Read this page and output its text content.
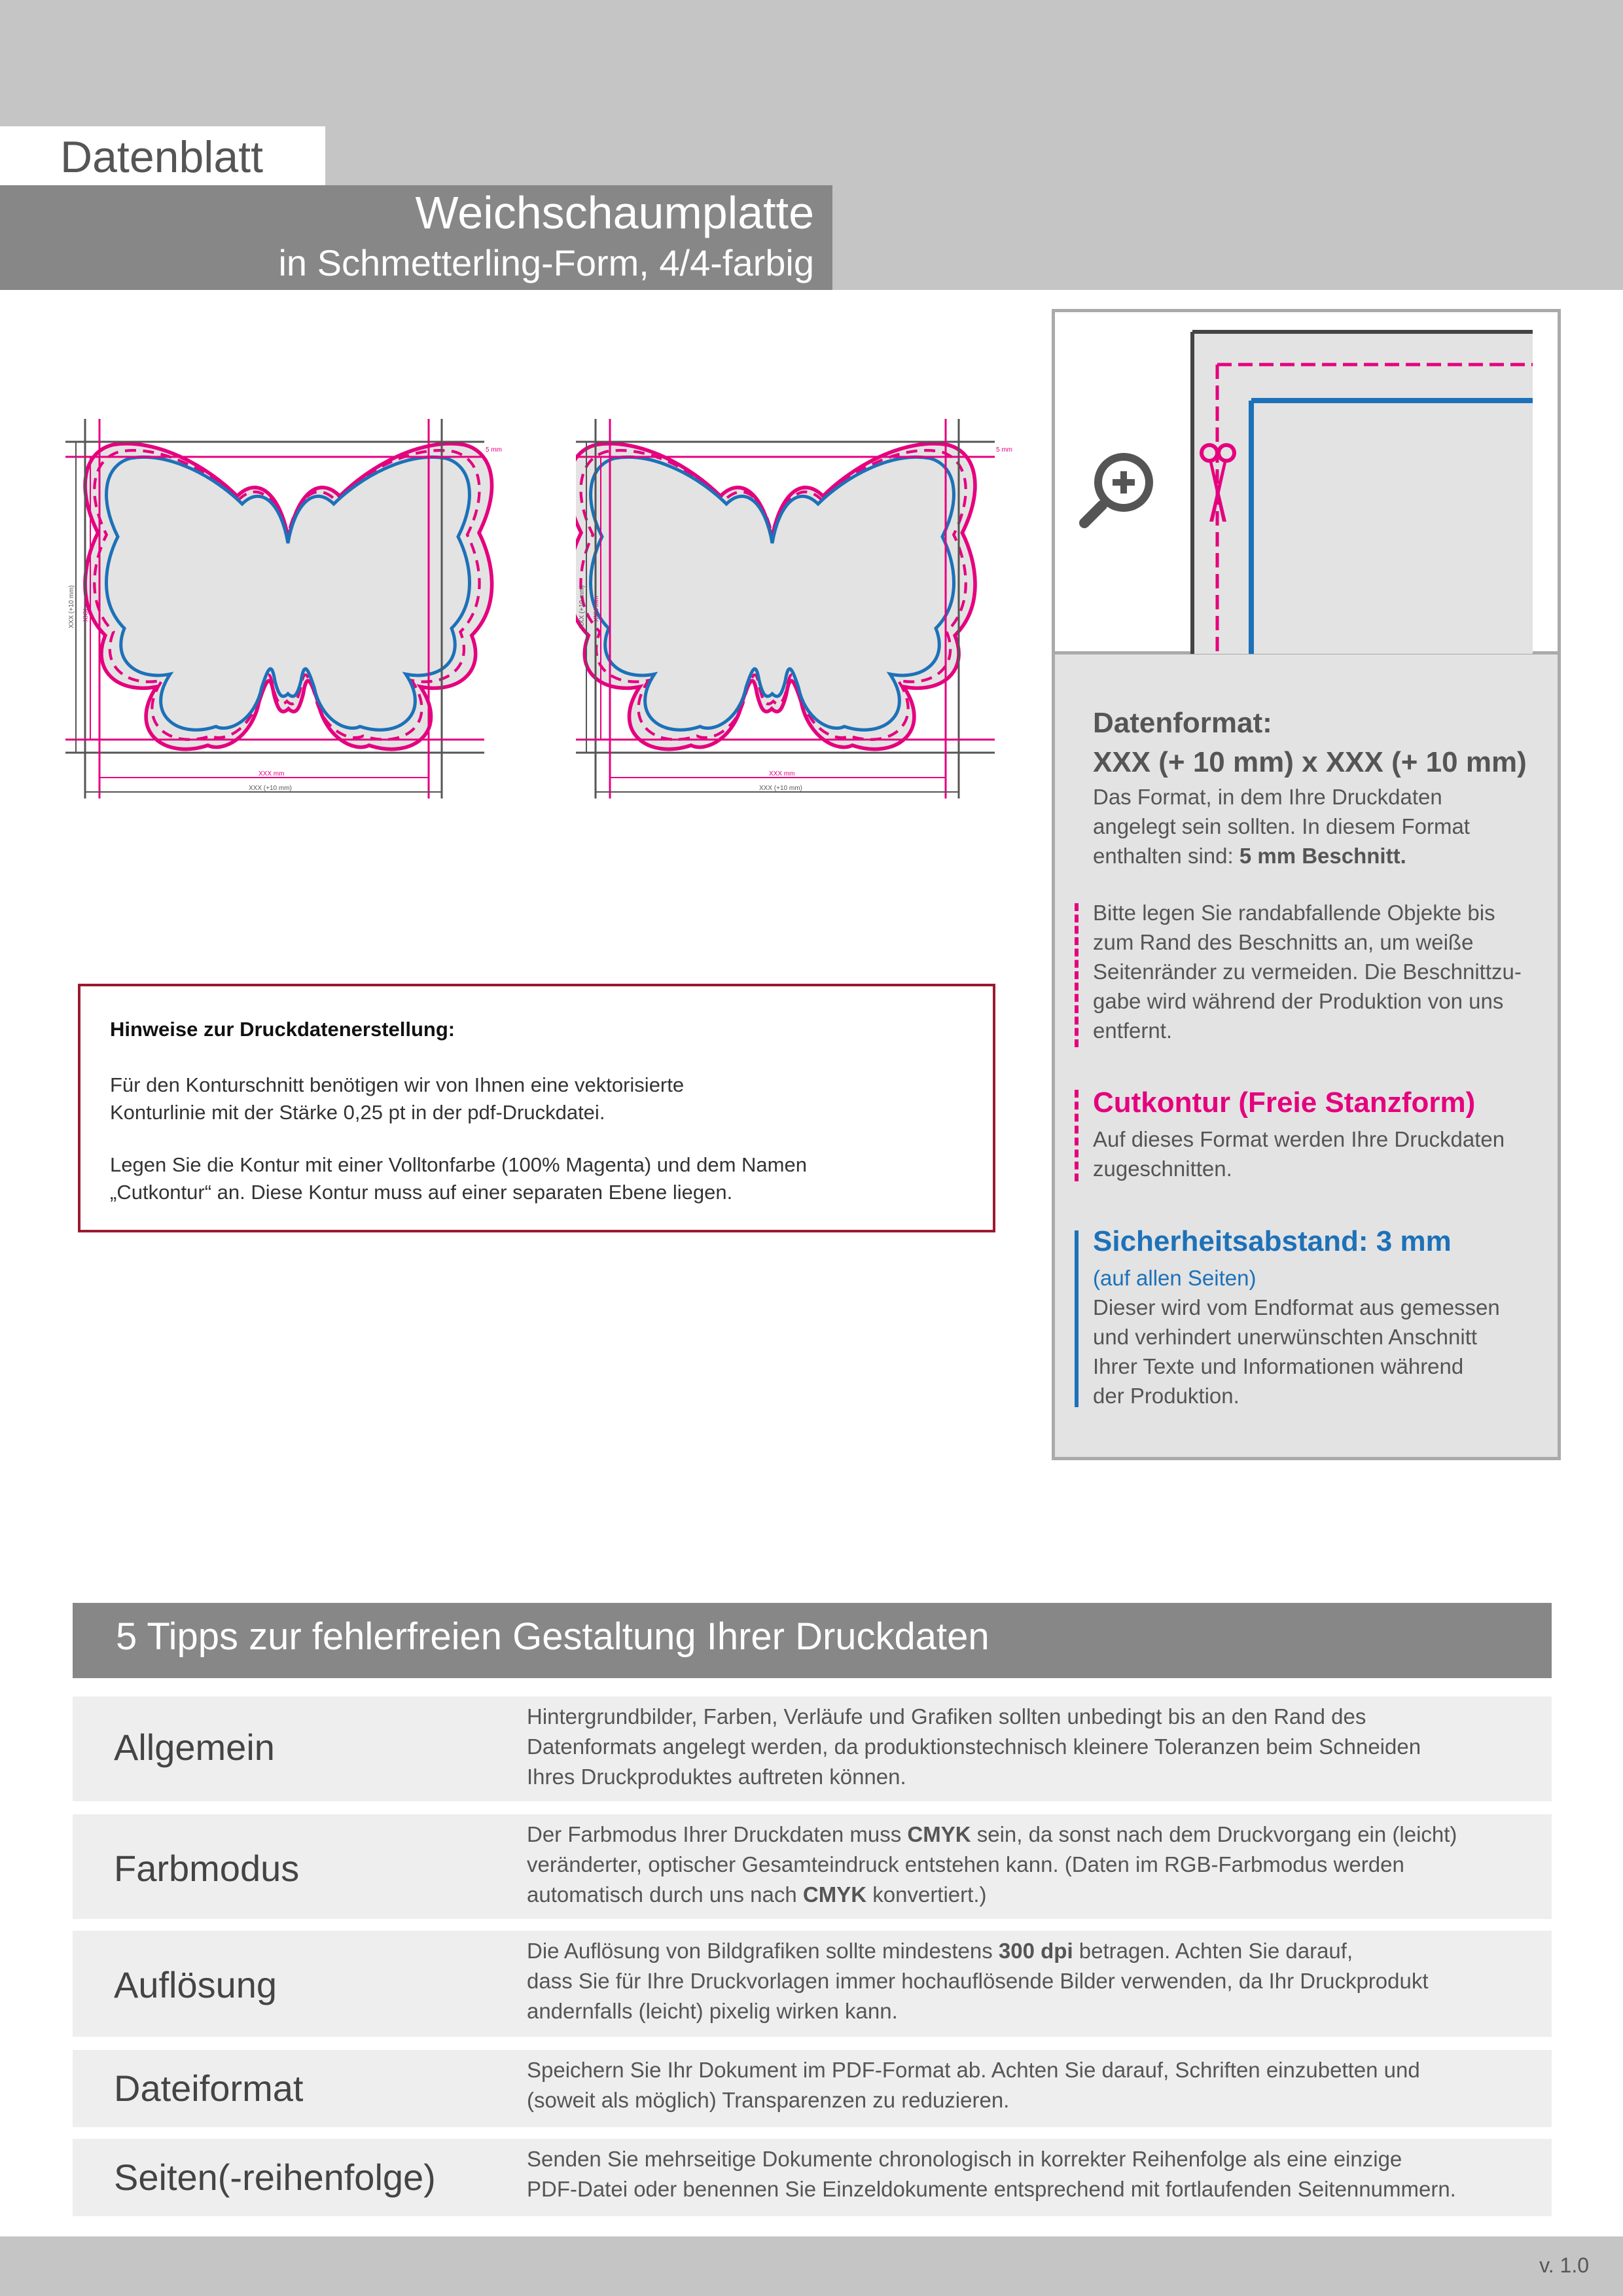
Datenblatt
Weichschaumplatte
in Schmetterling-Form, 4/4-farbig
5 mm
XXX mm
XXX (+10 mm)
XXX (+10 mm) XXX mm
5 mm
XXX mm
XXX (+10 mm)
XXX (+10 mm) XXX mm
Hinweise zur Druckdatenerstellung:

Für den Konturschnitt benötigen wir von Ihnen eine vektorisierte
Konturlinie mit der Stärke 0,25 pt in der pdf-Druckdatei.

Legen Sie die Kontur mit einer Volltonfarbe (100% Magenta) und dem Namen
„Cutkontur“ an. Diese Kontur muss auf einer separaten Ebene liegen.

Datenformat:
XXX (+ 10 mm) x XXX (+ 10 mm)
Das Format, in dem Ihre Druckdaten
angelegt sein sollten. In diesem Format
enthalten sind: 5 mm Beschnitt.
Bitte legen Sie randabfallende Objekte bis
zum Rand des Beschnitts an, um weiße
Seitenränder zu vermeiden. Die Beschnittzu-
gabe wird während der Produktion von uns
entfernt.
Cutkontur (Freie Stanzform)
Auf dieses Format werden Ihre Druckdaten
zugeschnitten.
Sicherheitsabstand: 3 mm
(auf allen Seiten)
Dieser wird vom Endformat aus gemessen
und verhindert unerwünschten Anschnitt
Ihrer Texte und Informationen während
der Produktion.
5 Tipps zur fehlerfreien Gestaltung Ihrer Druckdaten
Allgemein
Hintergrundbilder, Farben, Verläufe und Grafiken sollten unbedingt bis an den Rand des
Datenformats angelegt werden, da produktionstechnisch kleinere Toleranzen beim Schneiden
Ihres Druckproduktes auftreten können.
Farbmodus
Der Farbmodus Ihrer Druckdaten muss CMYK sein, da sonst nach dem Druckvorgang ein (leicht)
veränderter, optischer Gesamteindruck entstehen kann. (Daten im RGB-Farbmodus werden
automatisch durch uns nach CMYK konvertiert.)
Auflösung
Die Auflösung von Bildgrafiken sollte mindestens 300 dpi betragen. Achten Sie darauf,
dass Sie für Ihre Druckvorlagen immer hochauflösende Bilder verwenden, da Ihr Druckprodukt
andernfalls (leicht) pixelig wirken kann.
Dateiformat	Speichern Sie Ihr Dokument im PDF-Format ab. Achten Sie darauf, Schriften einzubetten und
(soweit als möglich) Transparenzen zu reduzieren.
Seiten(-reihenfolge)	Senden Sie mehrseitige Dokumente chronologisch in korrekter Reihenfolge als eine einzige
PDF-Datei oder benennen Sie Einzeldokumente entsprechend mit fortlaufenden Seitennummern.
v. 1.0
